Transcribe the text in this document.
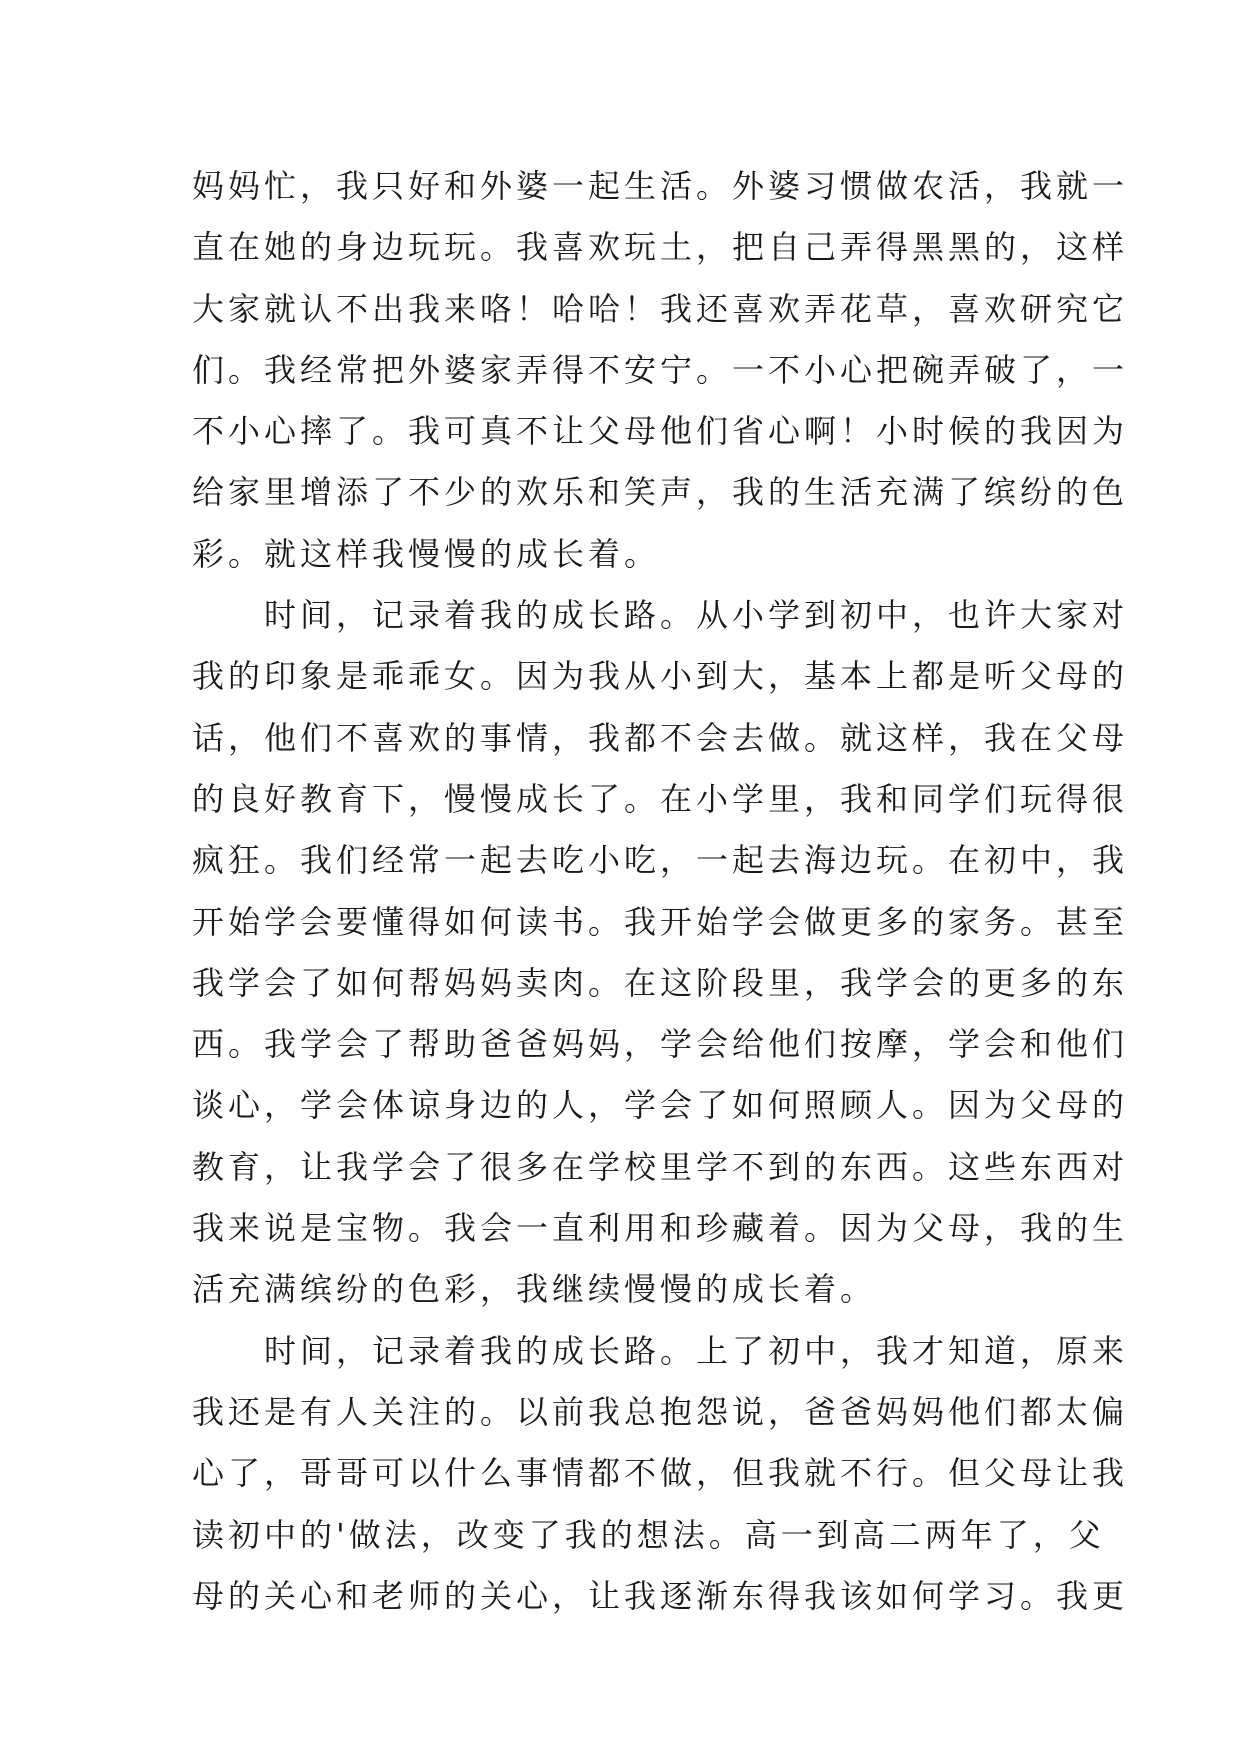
妈妈忙，我只好和外婆一起生活。外婆习惯做农活，我就一
直在她的身边玩玩。我喜欢玩土，把自己弄得黑黑的，这样
大家就认不出我来咯！哈哈！我还喜欢弄花草，喜欢研究它
们。我经常把外婆家弄得不安宁。一不小心把碗弄破了，一
不小心摔了。我可真不让父母他们省心啊！小时候的我因为
给家里增添了不少的欢乐和笑声，我的生活充满了缤纷的色
彩。就这样我慢慢的成长着。
　　时间，记录着我的成长路。从小学到初中，也许大家对
我的印象是乖乖女。因为我从小到大，基本上都是听父母的
话，他们不喜欢的事情，我都不会去做。就这样，我在父母
的良好教育下，慢慢成长了。在小学里，我和同学们玩得很
疯狂。我们经常一起去吃小吃，一起去海边玩。在初中，我
开始学会要懂得如何读书。我开始学会做更多的家务。甚至
我学会了如何帮妈妈卖肉。在这阶段里，我学会的更多的东
西。我学会了帮助爸爸妈妈，学会给他们按摩，学会和他们
谈心，学会体谅身边的人，学会了如何照顾人。因为父母的
教育，让我学会了很多在学校里学不到的东西。这些东西对
我来说是宝物。我会一直利用和珍藏着。因为父母，我的生
活充满缤纷的色彩，我继续慢慢的成长着。
　　时间，记录着我的成长路。上了初中，我才知道，原来
我还是有人关注的。以前我总抱怨说，爸爸妈妈他们都太偏
心了，哥哥可以什么事情都不做，但我就不行。但父母让我
读初中的'做法，改变了我的想法。高一到高二两年了，父
母的关心和老师的关心，让我逐渐东得我该如何学习。我更
